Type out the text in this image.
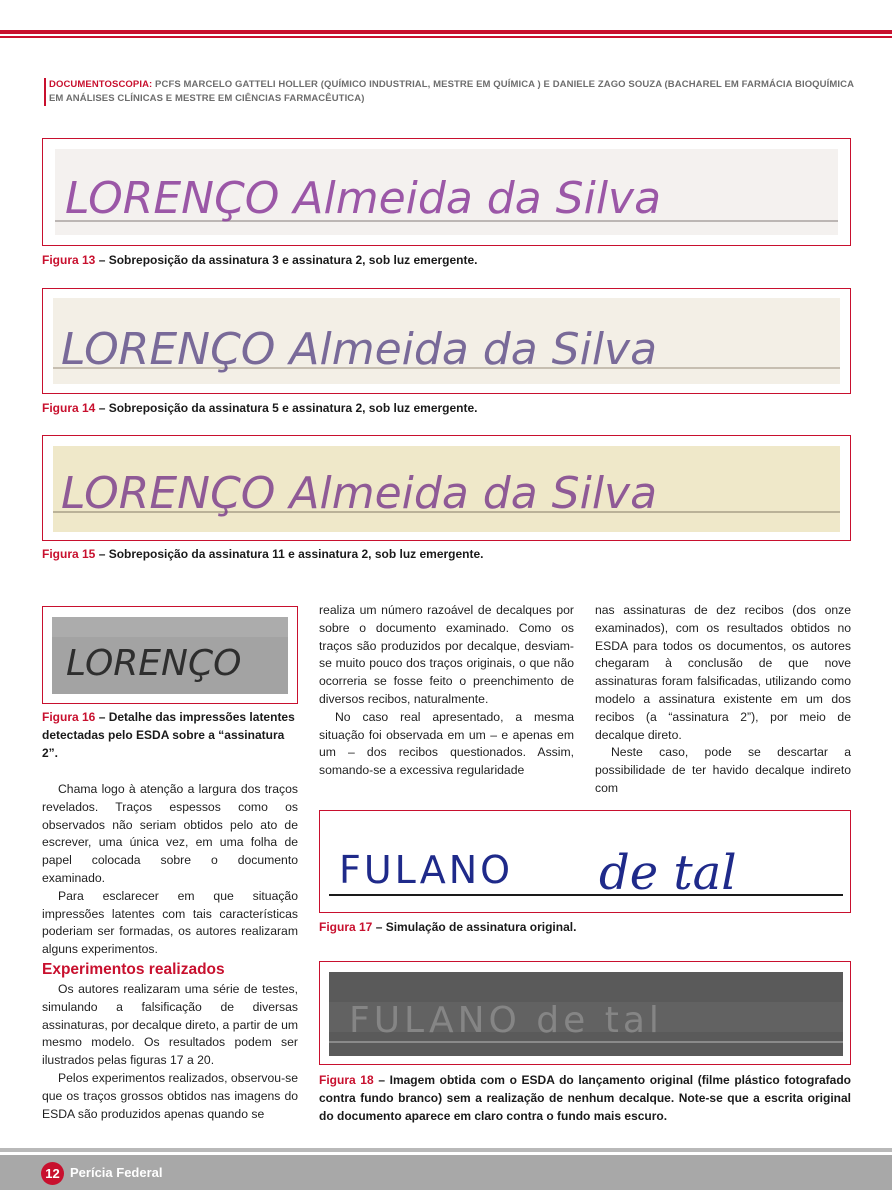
DOCUMENTOSCOPIA: PCFS MARCELO GATTELI HOLLER (QUÍMICO INDUSTRIAL, MESTRE EM QUÍMICA ) E DANIELE ZAGO SOUZA (BACHAREL EM FARMÁCIA BIOQUÍMICA
EM ANÁLISES CLÍNICAS E MESTRE EM CIÊNCIAS FARMACÊUTICA)
LORENÇO Almeida da Silva
Figura 13 – Sobreposição da assinatura 3 e assinatura 2, sob luz emergente.
LORENÇO Almeida da Silva
Figura 14 – Sobreposição da assinatura 5 e assinatura 2, sob luz emergente.
LORENÇO Almeida da Silva
Figura 15 – Sobreposição da assinatura 11 e assinatura 2, sob luz emergente.
LORENÇO
Figura 16 – Detalhe das impressões latentes detectadas pelo ESDA sobre a “assinatura 2”.

Chama logo à atenção a largura dos traços revelados. Traços espessos como os observados não seriam obtidos pelo ato de escrever, uma única vez, em uma folha de papel colocada sobre o documento examinado.

Para esclarecer em que situação impressões latentes com tais características poderiam ser formadas, os autores realizaram alguns experimentos.

Experimentos realizados

Os autores realizaram uma série de testes, simulando a falsificação de diversas assinaturas, por decalque direto, a partir de um mesmo modelo. Os resultados podem ser ilustrados pelas figuras 17 a 20.

Pelos experimentos realizados, observou-se que os traços grossos obtidos nas imagens do ESDA são produzidos apenas quando se

realiza um número razoável de decalques por sobre o documento examinado. Como os traços são produzidos por decalque, desviam-se muito pouco dos traços originais, o que não ocorreria se fosse feito o preenchimento de diversos recibos, naturalmente.

No caso real apresentado, a mesma situação foi observada em um – e apenas em um – dos recibos questionados. Assim, somando-se a excessiva regularidade

nas assinaturas de dez recibos (dos onze examinados), com os resultados obtidos no ESDA para todos os documentos, os autores chegaram à conclusão de que nove assinaturas foram falsificadas, utilizando como modelo a assinatura existente em um dos recibos (a “assinatura 2”), por meio de decalque direto.

Neste caso, pode se descartar a possibilidade de ter havido decalque indireto com

FULANO de tal
Figura 17 – Simulação de assinatura original.
FULANO de tal
Figura 18 – Imagem obtida com o ESDA do lançamento original (filme plástico fotografado contra fundo branco) sem a realização de nenhum decalque. Note-se que a escrita original do documento aparece em claro contra o fundo mais escuro.
12 Perícia Federal
